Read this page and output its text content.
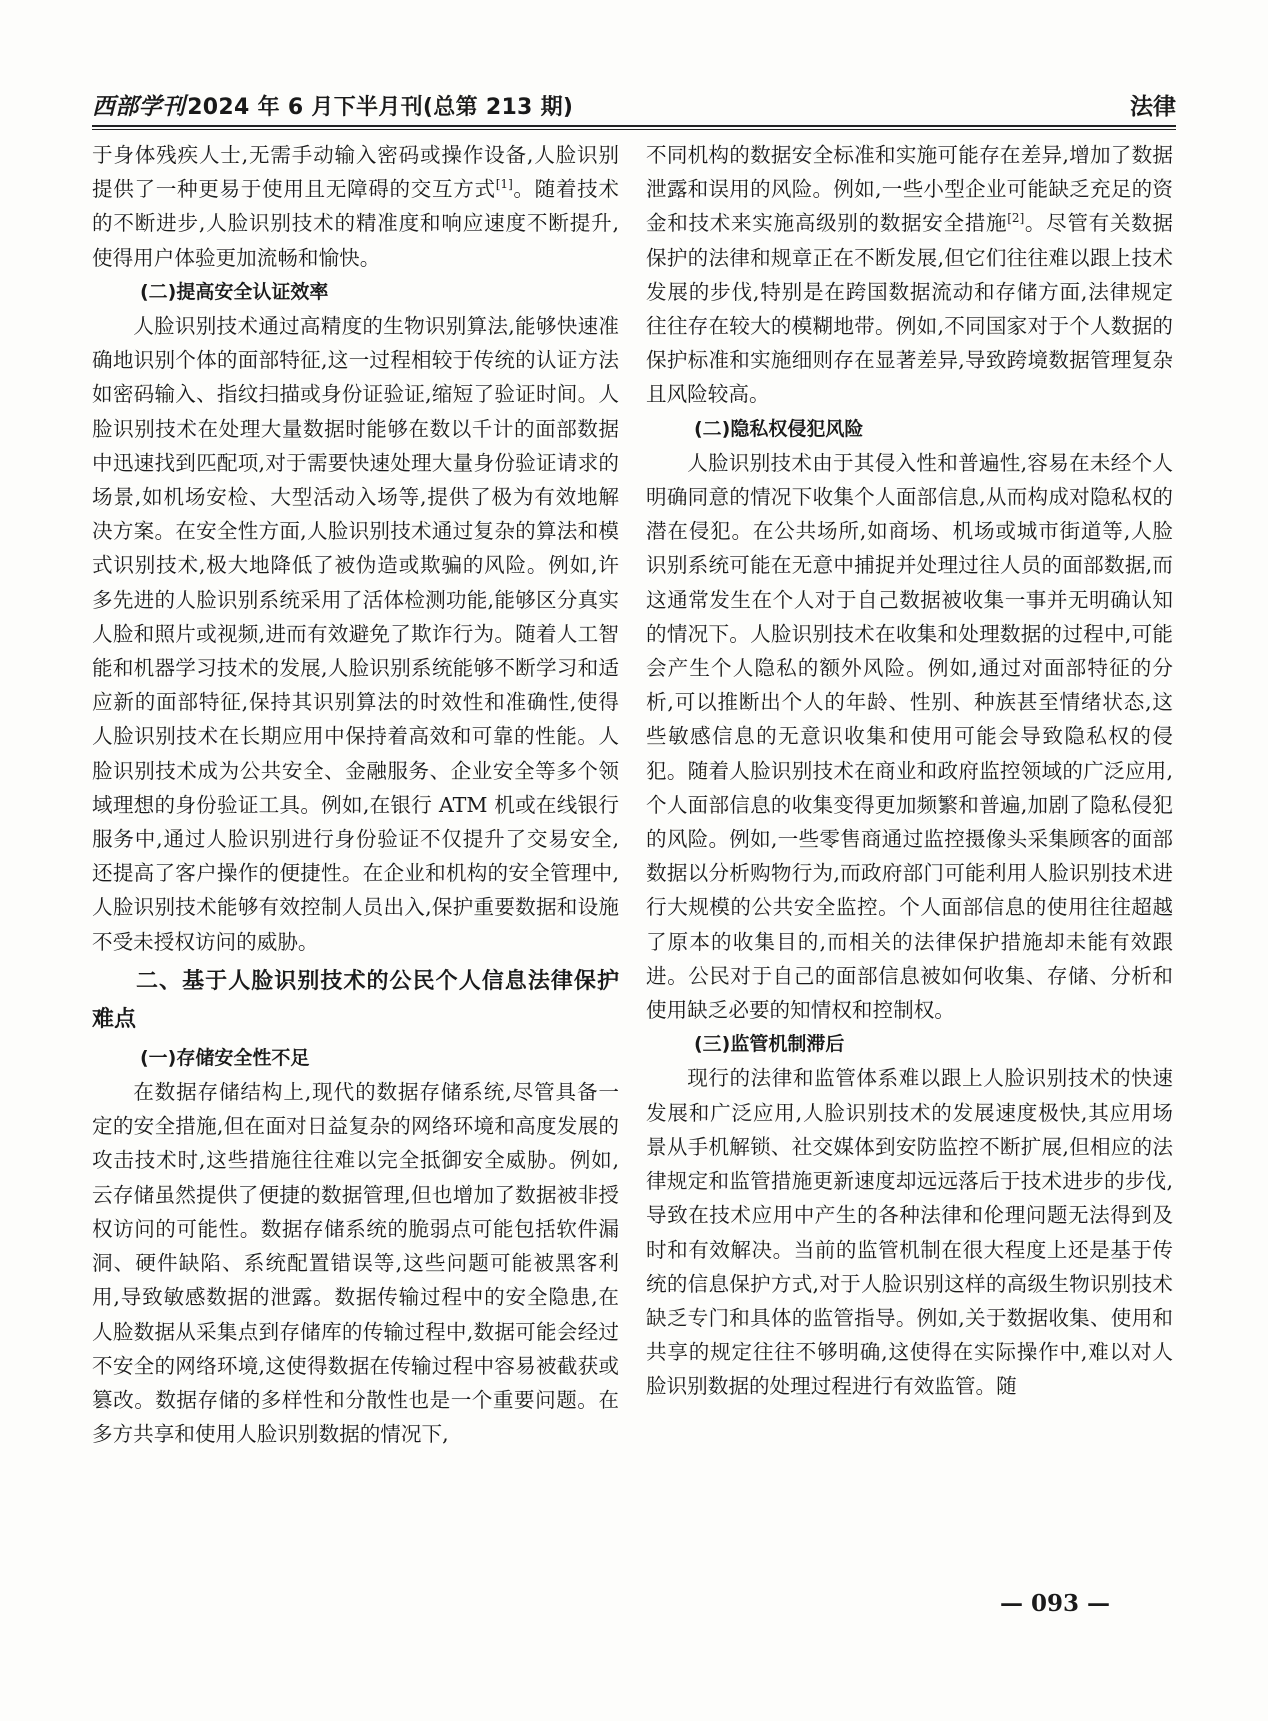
西部学刊2024 年 6 月下半月刊(总第 213 期)	法律

于身体残疾人士,无需手动输入密码或操作设备,人脸识别提供了一种更易于使用且无障碍的交互方式[1]。随着技术的不断进步,人脸识别技术的精准度和响应速度不断提升,使得用户体验更加流畅和愉快。

(二)提高安全认证效率

人脸识别技术通过高精度的生物识别算法,能够快速准确地识别个体的面部特征,这一过程相较于传统的认证方法如密码输入、指纹扫描或身份证验证,缩短了验证时间。人脸识别技术在处理大量数据时能够在数以千计的面部数据中迅速找到匹配项,对于需要快速处理大量身份验证请求的场景,如机场安检、大型活动入场等,提供了极为有效地解决方案。在安全性方面,人脸识别技术通过复杂的算法和模式识别技术,极大地降低了被伪造或欺骗的风险。例如,许多先进的人脸识别系统采用了活体检测功能,能够区分真实人脸和照片或视频,进而有效避免了欺诈行为。随着人工智能和机器学习技术的发展,人脸识别系统能够不断学习和适应新的面部特征,保持其识别算法的时效性和准确性,使得人脸识别技术在长期应用中保持着高效和可靠的性能。人脸识别技术成为公共安全、金融服务、企业安全等多个领域理想的身份验证工具。例如,在银行 ATM 机或在线银行服务中,通过人脸识别进行身份验证不仅提升了交易安全,还提高了客户操作的便捷性。在企业和机构的安全管理中,人脸识别技术能够有效控制人员出入,保护重要数据和设施不受未授权访问的威胁。

二、基于人脸识别技术的公民个人信息法律保护难点
(一)存储安全性不足

在数据存储结构上,现代的数据存储系统,尽管具备一定的安全措施,但在面对日益复杂的网络环境和高度发展的攻击技术时,这些措施往往难以完全抵御安全威胁。例如,云存储虽然提供了便捷的数据管理,但也增加了数据被非授权访问的可能性。数据存储系统的脆弱点可能包括软件漏洞、硬件缺陷、系统配置错误等,这些问题可能被黑客利用,导致敏感数据的泄露。数据传输过程中的安全隐患,在人脸数据从采集点到存储库的传输过程中,数据可能会经过不安全的网络环境,这使得数据在传输过程中容易被截获或篡改。数据存储的多样性和分散性也是一个重要问题。在多方共享和使用人脸识别数据的情况下,

不同机构的数据安全标准和实施可能存在差异,增加了数据泄露和误用的风险。例如,一些小型企业可能缺乏充足的资金和技术来实施高级别的数据安全措施[2]。尽管有关数据保护的法律和规章正在不断发展,但它们往往难以跟上技术发展的步伐,特别是在跨国数据流动和存储方面,法律规定往往存在较大的模糊地带。例如,不同国家对于个人数据的保护标准和实施细则存在显著差异,导致跨境数据管理复杂且风险较高。

(二)隐私权侵犯风险

人脸识别技术由于其侵入性和普遍性,容易在未经个人明确同意的情况下收集个人面部信息,从而构成对隐私权的潜在侵犯。在公共场所,如商场、机场或城市街道等,人脸识别系统可能在无意中捕捉并处理过往人员的面部数据,而这通常发生在个人对于自己数据被收集一事并无明确认知的情况下。人脸识别技术在收集和处理数据的过程中,可能会产生个人隐私的额外风险。例如,通过对面部特征的分析,可以推断出个人的年龄、性别、种族甚至情绪状态,这些敏感信息的无意识收集和使用可能会导致隐私权的侵犯。随着人脸识别技术在商业和政府监控领域的广泛应用,个人面部信息的收集变得更加频繁和普遍,加剧了隐私侵犯的风险。例如,一些零售商通过监控摄像头采集顾客的面部数据以分析购物行为,而政府部门可能利用人脸识别技术进行大规模的公共安全监控。个人面部信息的使用往往超越了原本的收集目的,而相关的法律保护措施却未能有效跟进。公民对于自己的面部信息被如何收集、存储、分析和使用缺乏必要的知情权和控制权。

(三)监管机制滞后

现行的法律和监管体系难以跟上人脸识别技术的快速发展和广泛应用,人脸识别技术的发展速度极快,其应用场景从手机解锁、社交媒体到安防监控不断扩展,但相应的法律规定和监管措施更新速度却远远落后于技术进步的步伐,导致在技术应用中产生的各种法律和伦理问题无法得到及时和有效解决。当前的监管机制在很大程度上还是基于传统的信息保护方式,对于人脸识别这样的高级生物识别技术缺乏专门和具体的监管指导。例如,关于数据收集、使用和共享的规定往往不够明确,这使得在实际操作中,难以对人脸识别数据的处理过程进行有效监管。随

— 093 —
